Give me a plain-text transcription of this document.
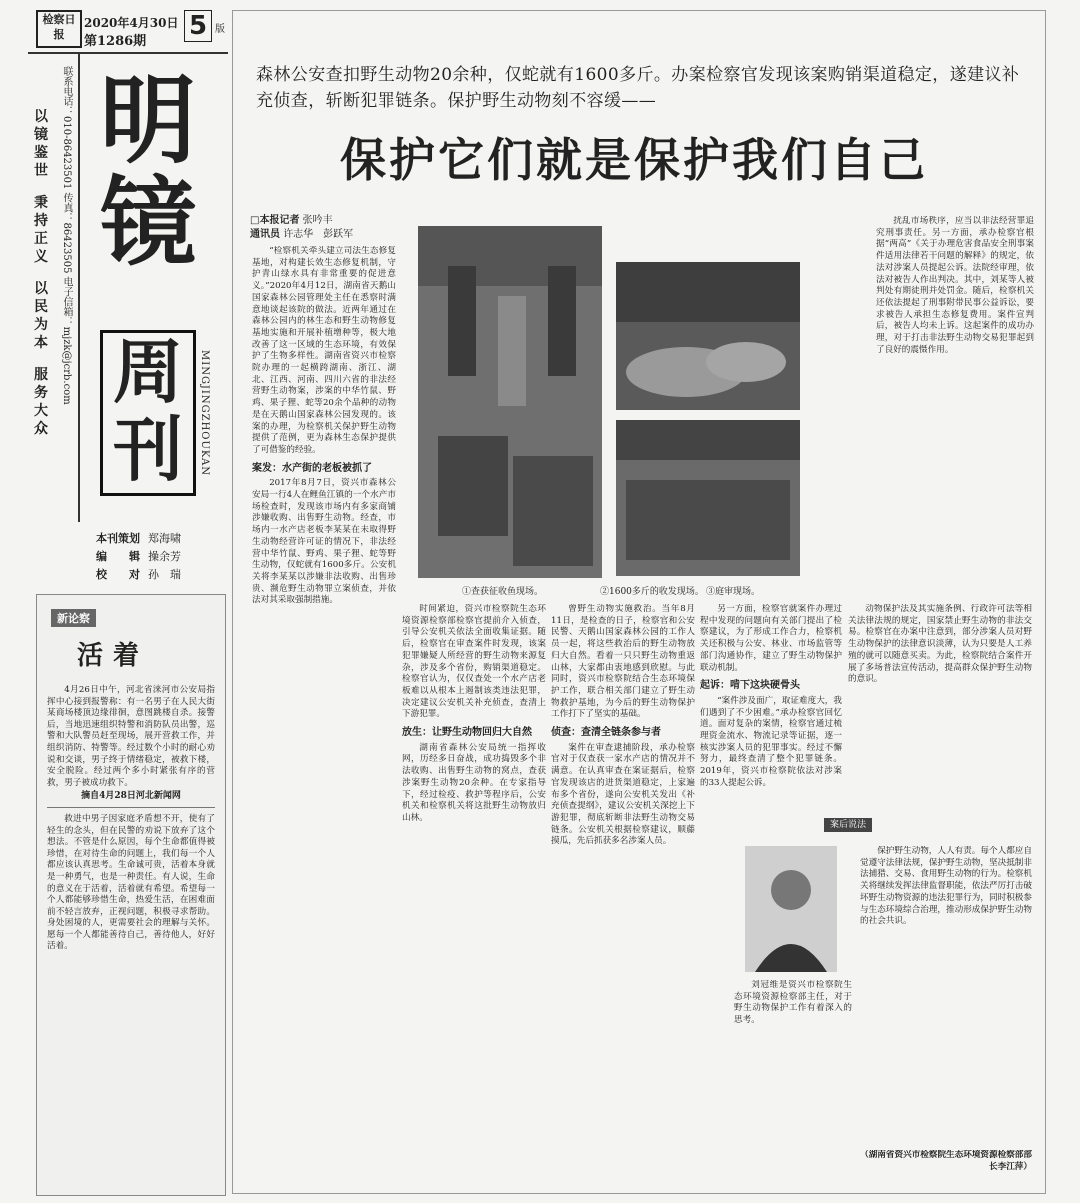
检察日报
2020年4月30日
第1286期
5 版
联系电话：010-86423501 传真：86423505 电子信箱：mjzk@jcrb.com
以镜鉴世
秉持正义
以民为本
服务大众
明镜
周刊	MINGJINGZHOUKAN
本刊策划 郑海啸
编　　辑 操余芳
校　　对 孙　瑞
新论察
活着

4月26日中午，河北省涞河市公安局指挥中心接到报警称：有一名男子在人民大街某商场楼顶边缘徘徊，意图跳楼自杀。接警后，当地迅速组织特警和消防队员出警，巡警和大队警员赶至现场，展开营救工作，并组织消防、特警等。经过数个小时的耐心劝说和交谈，男子终于情绪稳定，被救下楼，安全脱险。经过两个多小时紧张有序的营救，男子被成功救下。

摘自4月28日河北新闻网

救进中男子因家庭矛盾想不开，使有了轻生的念头，但在民警的劝说下放弃了这个想法。不管是什么原因，每个生命都值得被珍惜，在对待生命的问题上，我们每一个人都应该认真思考。生命诚可贵，活着本身就是一种勇气，也是一种责任。有人说，生命的意义在于活着，活着就有希望。希望每一个人都能够珍惜生命，热爱生活，在困难面前不轻言放弃，正视问题，积极寻求帮助。身处困境的人，更需要社会的理解与关怀。愿每一个人都能善待自己，善待他人，好好活着。

森林公安查扣野生动物20余种，仅蛇就有1600多斤。办案检察官发现该案购销渠道稳定，遂建议补充侦查，斩断犯罪链条。保护野生动物刻不容缓——
保护它们就是保护我们自己
□本报记者 张吟丰
通讯员 许志华　彭跃军

“检察机关牵头建立司法生态修复基地，对构建长效生态修复机制，守护青山绿水具有非常重要的促进意义。”2020年4月12日，湖南省天鹅山国家森林公园管理处主任在悉察时满意地谈起该院的做法。近两年通过在森林公园内的林生态和野生动物修复基地实施和开展补植增种等，极大地改善了这一区域的生态环境，有效保护了生物多样性。湖南省资兴市检察院办理的一起横跨湖南、浙江、湖北、江西、河南、四川六省的非法经营野生动物案，涉案的中华竹鼠、野鸡、果子狸、蛇等20余个品种的动物是在天鹅山国家森林公园发现的。该案的办理，为检察机关保护野生动物提供了范例，更为森林生态保护提供了可借鉴的经验。

案发：水产街的老板被抓了

2017年8月7日，资兴市森林公安局一行4人在鲤鱼江镇的一个水产市场检查时，发现该市场内有多家商铺涉嫌收购、出售野生动物。经查，市场内一水产店老板李某某在未取得野生动物经营许可证的情况下，非法经营中华竹鼠、野鸡、果子狸、蛇等野生动物，仅蛇就有1600多斤。公安机关将李某某以涉嫌非法收购、出售珍贵、濒危野生动物罪立案侦查，并依法对其采取强制措施。

①查获征收鱼现场。	②1600多斤的收发现场。 ③庭审现场。

时间紧迫，资兴市检察院生态环境资源检察部检察官提前介入侦查，引导公安机关依法全面收集证据。随后，检察官在审查案件时发现，该案犯罪嫌疑人所经营的野生动物来源复杂，涉及多个省份，购销渠道稳定。检察官认为，仅仅查处一个水产店老板难以从根本上遏制该类违法犯罪，决定建议公安机关补充侦查，查清上下游犯罪。

放生：让野生动物回归大自然

湖南省森林公安局统一指挥收网，历经多日奋战，成功捣毁多个非法收购、出售野生动物的窝点，查获涉案野生动物20余种。在专家指导下，经过检疫、救护等程序后，公安机关和检察机关将这批野生动物放归山林。

曾野生动物实施救治。当年8月11日，是检查的日子，检察官和公安民警、天鹅山国家森林公园的工作人员一起，将这些救治后的野生动物放归大自然。看着一只只野生动物重返山林，大家都由衷地感到欣慰。与此同时，资兴市检察院结合生态环境保护工作，联合相关部门建立了野生动物救护基地，为今后的野生动物保护工作打下了坚实的基础。

侦查：查清全链条参与者

案件在审查逮捕阶段，承办检察官对于仅查获一家水产店的情况并不满意。在认真审查在案证据后，检察官发现该店的进货渠道稳定，上家遍布多个省份，遂向公安机关发出《补充侦查提纲》，建议公安机关深挖上下游犯罪，彻底斩断非法野生动物交易链条。公安机关根据检察建议，顺藤摸瓜，先后抓获多名涉案人员。

另一方面，检察官就案件办理过程中发现的问题向有关部门提出了检察建议，为了形成工作合力，检察机关还积极与公安、林业、市场监管等部门沟通协作，建立了野生动物保护联动机制。

起诉：啃下这块硬骨头

“案件涉及面广，取证难度大，我们遇到了不少困难。”承办检察官回忆道。面对复杂的案情，检察官通过梳理资金流水、物流记录等证据，逐一核实涉案人员的犯罪事实。经过不懈努力，最终查清了整个犯罪链条。2019年，资兴市检察院依法对涉案的33人提起公诉。

动物保护法及其实施条例、行政许可法等相关法律法规的规定，国家禁止野生动物的非法交易。检察官在办案中注意到，部分涉案人员对野生动物保护的法律意识淡薄，认为只要是人工养殖的就可以随意买卖。为此，检察院结合案件开展了多场普法宣传活动，提高群众保护野生动物的意识。

扰乱市场秩序，应当以非法经营罪追究刑事责任。另一方面，承办检察官根据“两高”《关于办理危害食品安全刑事案件适用法律若干问题的解释》的规定，依法对涉案人员提起公诉。法院经审理，依法对被告人作出判决。其中，刘某等人被判处有期徒刑并处罚金。随后，检察机关还依法提起了刑事附带民事公益诉讼，要求被告人承担生态修复费用。案件宣判后，被告人均未上诉。这起案件的成功办理，对于打击非法野生动物交易犯罪起到了良好的震慑作用。

案后说法

刘冠维是资兴市检察院生态环境资源检察部主任，对于野生动物保护工作有着深入的思考。

保护野生动物，人人有责。每个人都应自觉遵守法律法规，保护野生动物，坚决抵制非法捕猎、交易、食用野生动物的行为。检察机关将继续发挥法律监督职能，依法严厉打击破坏野生动物资源的违法犯罪行为，同时积极参与生态环境综合治理，推动形成保护野生动物的社会共识。

（湖南省资兴市检察院生态环境资源检察部部长李江萍）
